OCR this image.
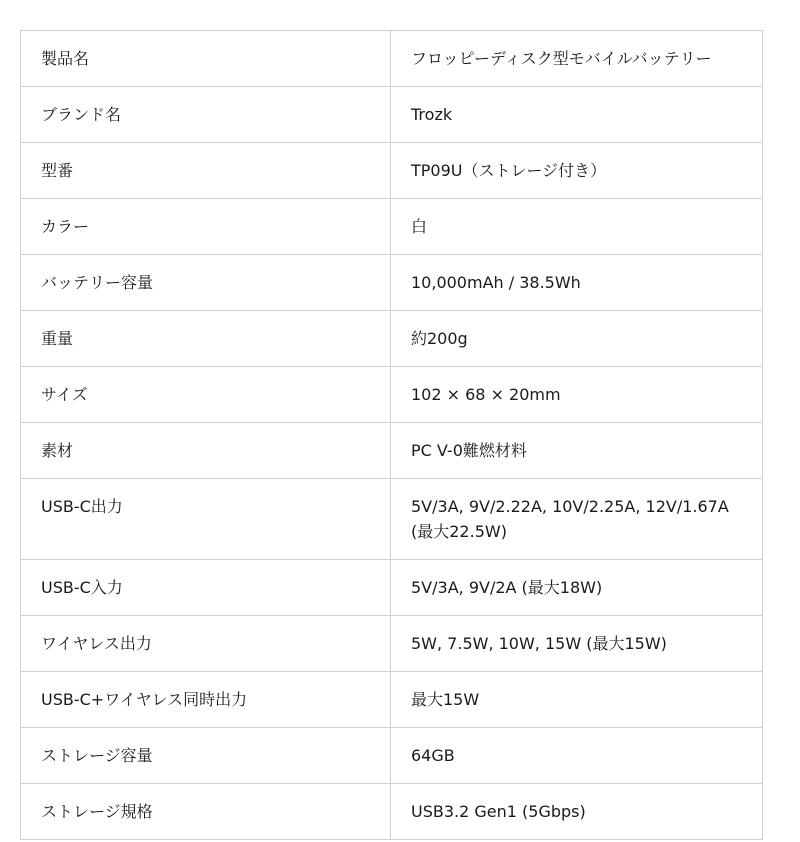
製品名	フロッピーディスク型モバイルバッテリー
ブランド名	Trozk
型番	TP09U（ストレージ付き）
カラー	白
バッテリー容量	10,000mAh / 38.5Wh
重量	約200g
サイズ	102 × 68 × 20mm
素材	PC V-0難燃材料
USB-C出力	5V/3A, 9V/2.22A, 10V/2.25A, 12V/1.67A (最大22.5W)
USB-C入力	5V/3A, 9V/2A (最大18W)
ワイヤレス出力	5W, 7.5W, 10W, 15W (最大15W)
USB-C+ワイヤレス同時出力	最大15W
ストレージ容量	64GB
ストレージ規格	USB3.2 Gen1 (5Gbps)
